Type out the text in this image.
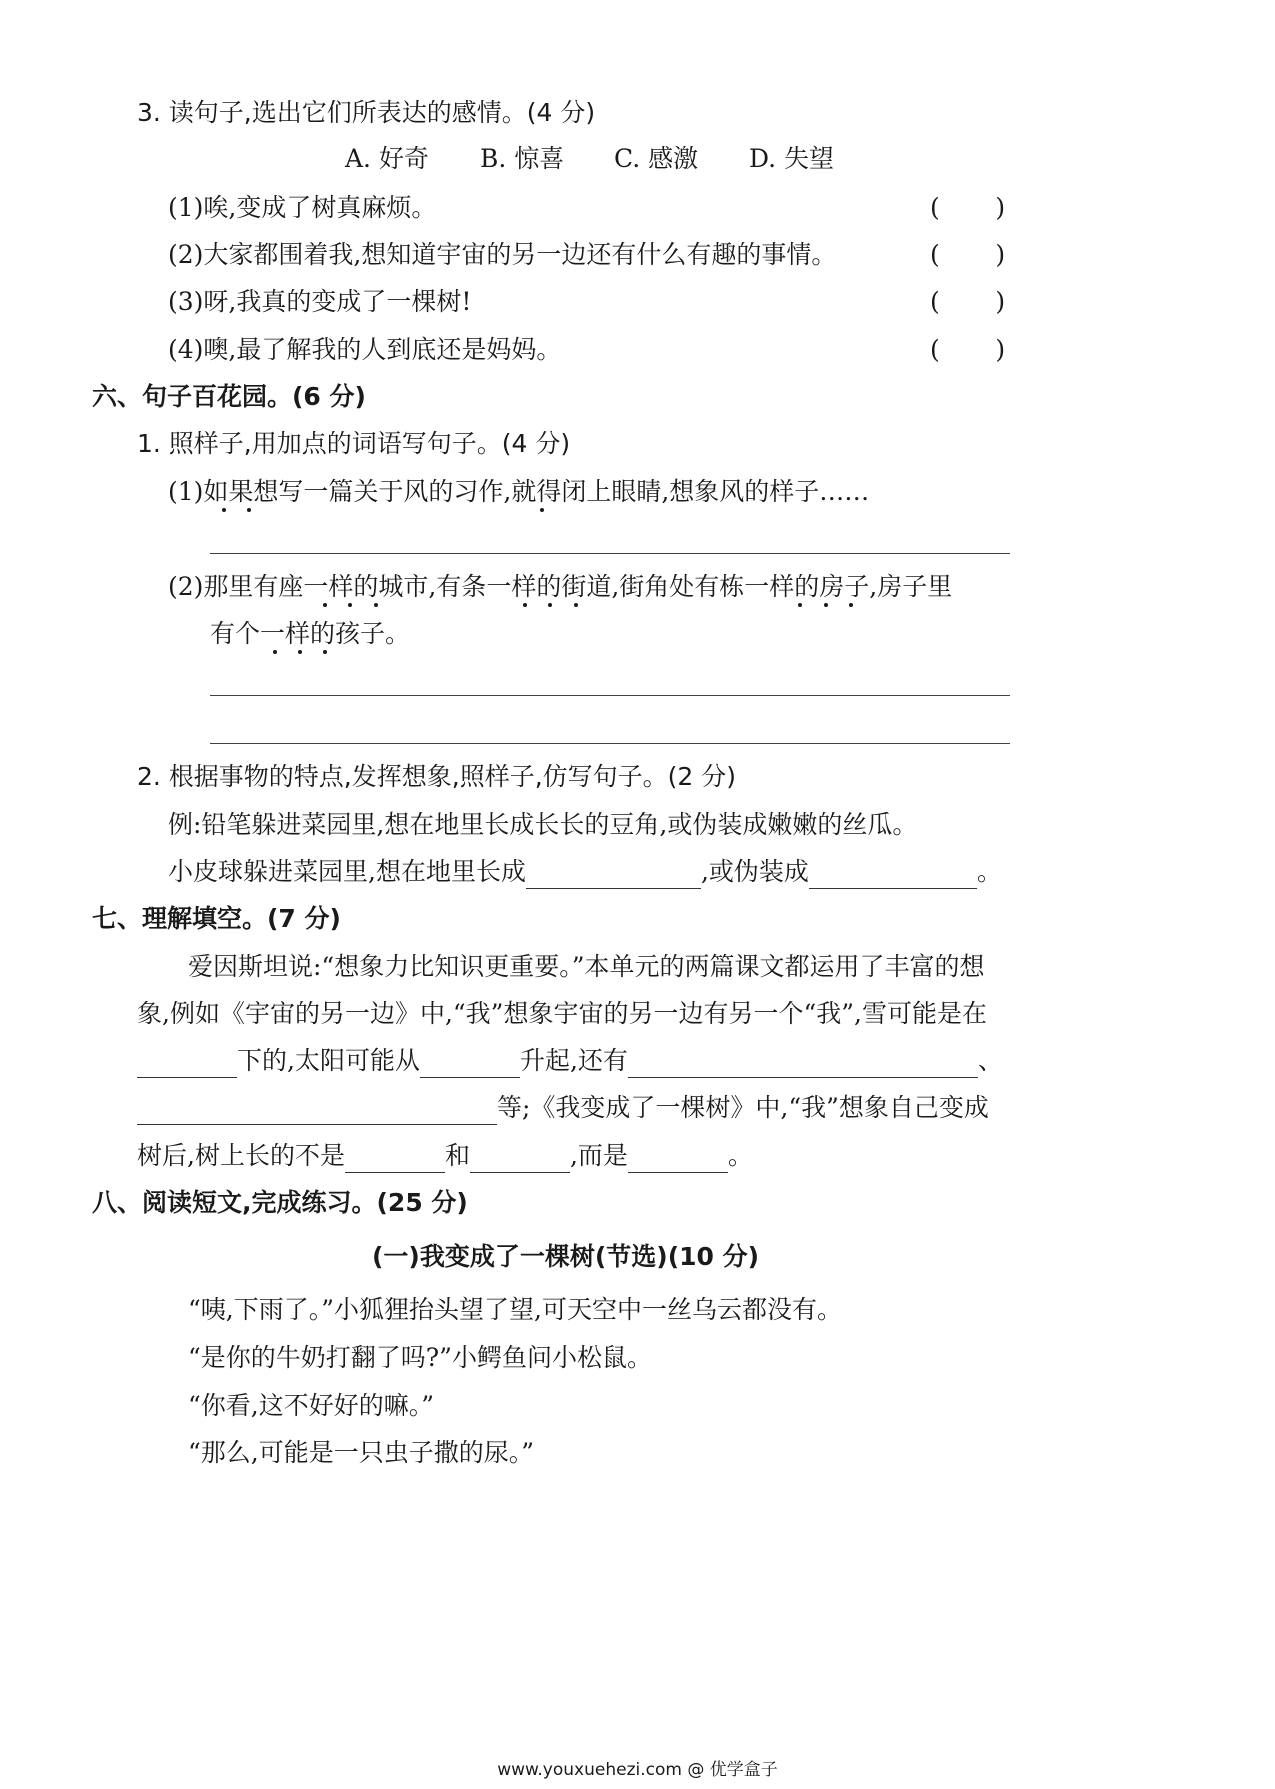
3. 读句子,选出它们所表达的感情。(4 分)
A. 好奇 B. 惊喜 C. 感激 D. 失望
(1)唉,变成了树真麻烦。	(       )
(2)大家都围着我,想知道宇宙的另一边还有什么有趣的事情。	(       )
(3)呀,我真的变成了一棵树!	(       )
(4)噢,最了解我的人到底还是妈妈。	(       )
六、句子百花园。(6 分)
1. 照样子,用加点的词语写句子。(4 分)
(1)如果想写一篇关于风的习作,就得闭上眼睛,想象风的样子……
(2)那里有座一样的城市,有条一样的街道,街角处有栋一样的房子,房子里
有个一样的孩子。
2. 根据事物的特点,发挥想象,照样子,仿写句子。(2 分)
例:铅笔躲进菜园里,想在地里长成长长的豆角,或伪装成嫩嫩的丝瓜。
小皮球躲进菜园里,想在地里长成	,或伪装成	。
七、理解填空。(7 分)
爱因斯坦说:“想象力比知识更重要。”本单元的两篇课文都运用了丰富的想
象,例如《宇宙的另一边》中,“我”想象宇宙的另一边有另一个“我”,雪可能是在
下的,太阳可能从	升起,还有	、
等;《我变成了一棵树》中,“我”想象自己变成
树后,树上长的不是	和	,而是	。
八、阅读短文,完成练习。(25 分)
(一)我变成了一棵树(节选)(10 分)
“咦,下雨了。”小狐狸抬头望了望,可天空中一丝乌云都没有。
“是你的牛奶打翻了吗?”小鳄鱼问小松鼠。
“你看,这不好好的嘛。”
“那么,可能是一只虫子撒的尿。”
www.youxuehezi.com @ 优学盒子
